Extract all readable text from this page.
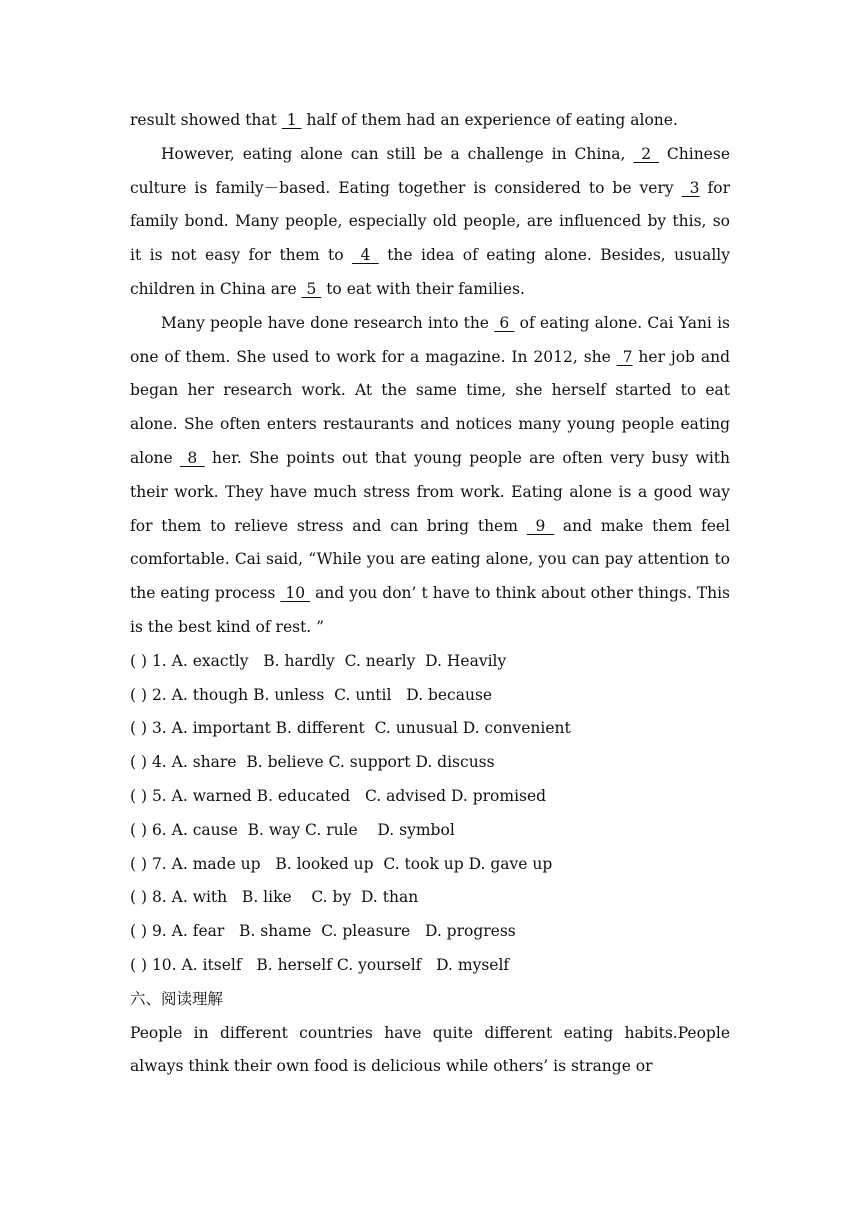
result showed that  1  half of them had an experience of eating alone.

However, eating alone can still be a challenge in China,  2  Chinese culture is family－based. Eating together is considered to be very  3 for family bond. Many people, especially old people, are influenced by this, so it is not easy for them to  4  the idea of eating alone. Besides, usually children in China are  5  to eat with their families.

Many people have done research into the  6  of eating alone. Cai Yani is one of them. She used to work for a magazine. In 2012, she  7 her job and began her research work. At the same time, she herself started to eat alone. She often enters restaurants and notices many young people eating alone  8  her. She points out that young people are often very busy with their work. They have much stress from work. Eating alone is a good way for them to relieve stress and can bring them  9  and make them feel comfortable. Cai said, “While you are eating alone, you can pay attention to the eating process  10  and you don’ t have to think about other things. This is the best kind of rest. ”

( ) 1. A. exactly   B. hardly  C. nearly  D. Heavily

( ) 2. A. though B. unless  C. until   D. because

( ) 3. A. important B. different  C. unusual D. convenient

( ) 4. A. share  B. believe C. support D. discuss

( ) 5. A. warned B. educated   C. advised D. promised

( ) 6. A. cause  B. way C. rule    D. symbol

( ) 7. A. made up   B. looked up  C. took up D. gave up

( ) 8. A. with   B. like    C. by  D. than

( ) 9. A. fear   B. shame  C. pleasure   D. progress

( ) 10. A. itself   B. herself C. yourself   D. myself

六、阅读理解

People in different countries have quite different eating habits.People always think their own food is delicious while others’ is strange or
